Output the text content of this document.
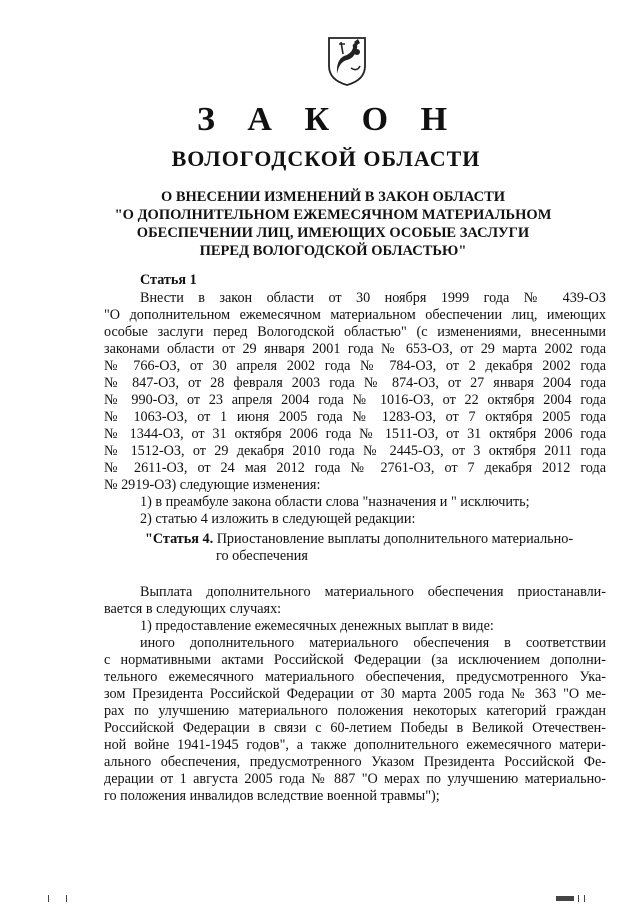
З А К О Н
ВОЛОГОДСКОЙ ОБЛАСТИ
О ВНЕСЕНИИ ИЗМЕНЕНИЙ В ЗАКОН ОБЛАСТИ
"О ДОПОЛНИТЕЛЬНОМ ЕЖЕМЕСЯЧНОМ МАТЕРИАЛЬНОМ
ОБЕСПЕЧЕНИИ ЛИЦ, ИМЕЮЩИХ ОСОБЫЕ ЗАСЛУГИ
ПЕРЕД ВОЛОГОДСКОЙ ОБЛАСТЬЮ"
Статья 1
Внести в закон области от 30 ноября 1999 года № 439-ОЗ
"О дополнительном ежемесячном материальном обеспечении лиц, имеющих
особые заслуги перед Вологодской областью" (с изменениями, внесенными
законами области от 29 января 2001 года № 653-ОЗ, от 29 марта 2002 года
№ 766-ОЗ, от 30 апреля 2002 года № 784-ОЗ, от 2 декабря 2002 года
№ 847-ОЗ, от 28 февраля 2003 года № 874-ОЗ, от 27 января 2004 года
№ 990-ОЗ, от 23 апреля 2004 года № 1016-ОЗ, от 22 октября 2004 года
№ 1063-ОЗ, от 1 июня 2005 года № 1283-ОЗ, от 7 октября 2005 года
№ 1344-ОЗ, от 31 октября 2006 года № 1511-ОЗ, от 31 октября 2006 года
№ 1512-ОЗ, от 29 декабря 2010 года № 2445-ОЗ, от 3 октября 2011 года
№ 2611-ОЗ, от 24 мая 2012 года № 2761-ОЗ, от 7 декабря 2012 года
№ 2919-ОЗ) следующие изменения:
1) в преамбуле закона области слова "назначения и " исключить;
2) статью 4 изложить в следующей редакции:
"Статья 4. Приостановление выплаты дополнительного материально-
го обеспечения
Выплата дополнительного материального обеспечения приостанавли-
вается в следующих случаях:
1) предоставление ежемесячных денежных выплат в виде:
иного дополнительного материального обеспечения в соответствии
с нормативными актами Российской Федерации (за исключением дополни-
тельного ежемесячного материального обеспечения, предусмотренного Ука-
зом Президента Российской Федерации от 30 марта 2005 года № 363 "О ме-
рах по улучшению материального положения некоторых категорий граждан
Российской Федерации в связи с 60-летием Победы в Великой Отечествен-
ной войне 1941-1945 годов", а также дополнительного ежемесячного матери-
ального обеспечения, предусмотренного Указом Президента Российской Фе-
дерации от 1 августа 2005 года № 887 "О мерах по улучшению материально-
го положения инвалидов вследствие военной травмы");
